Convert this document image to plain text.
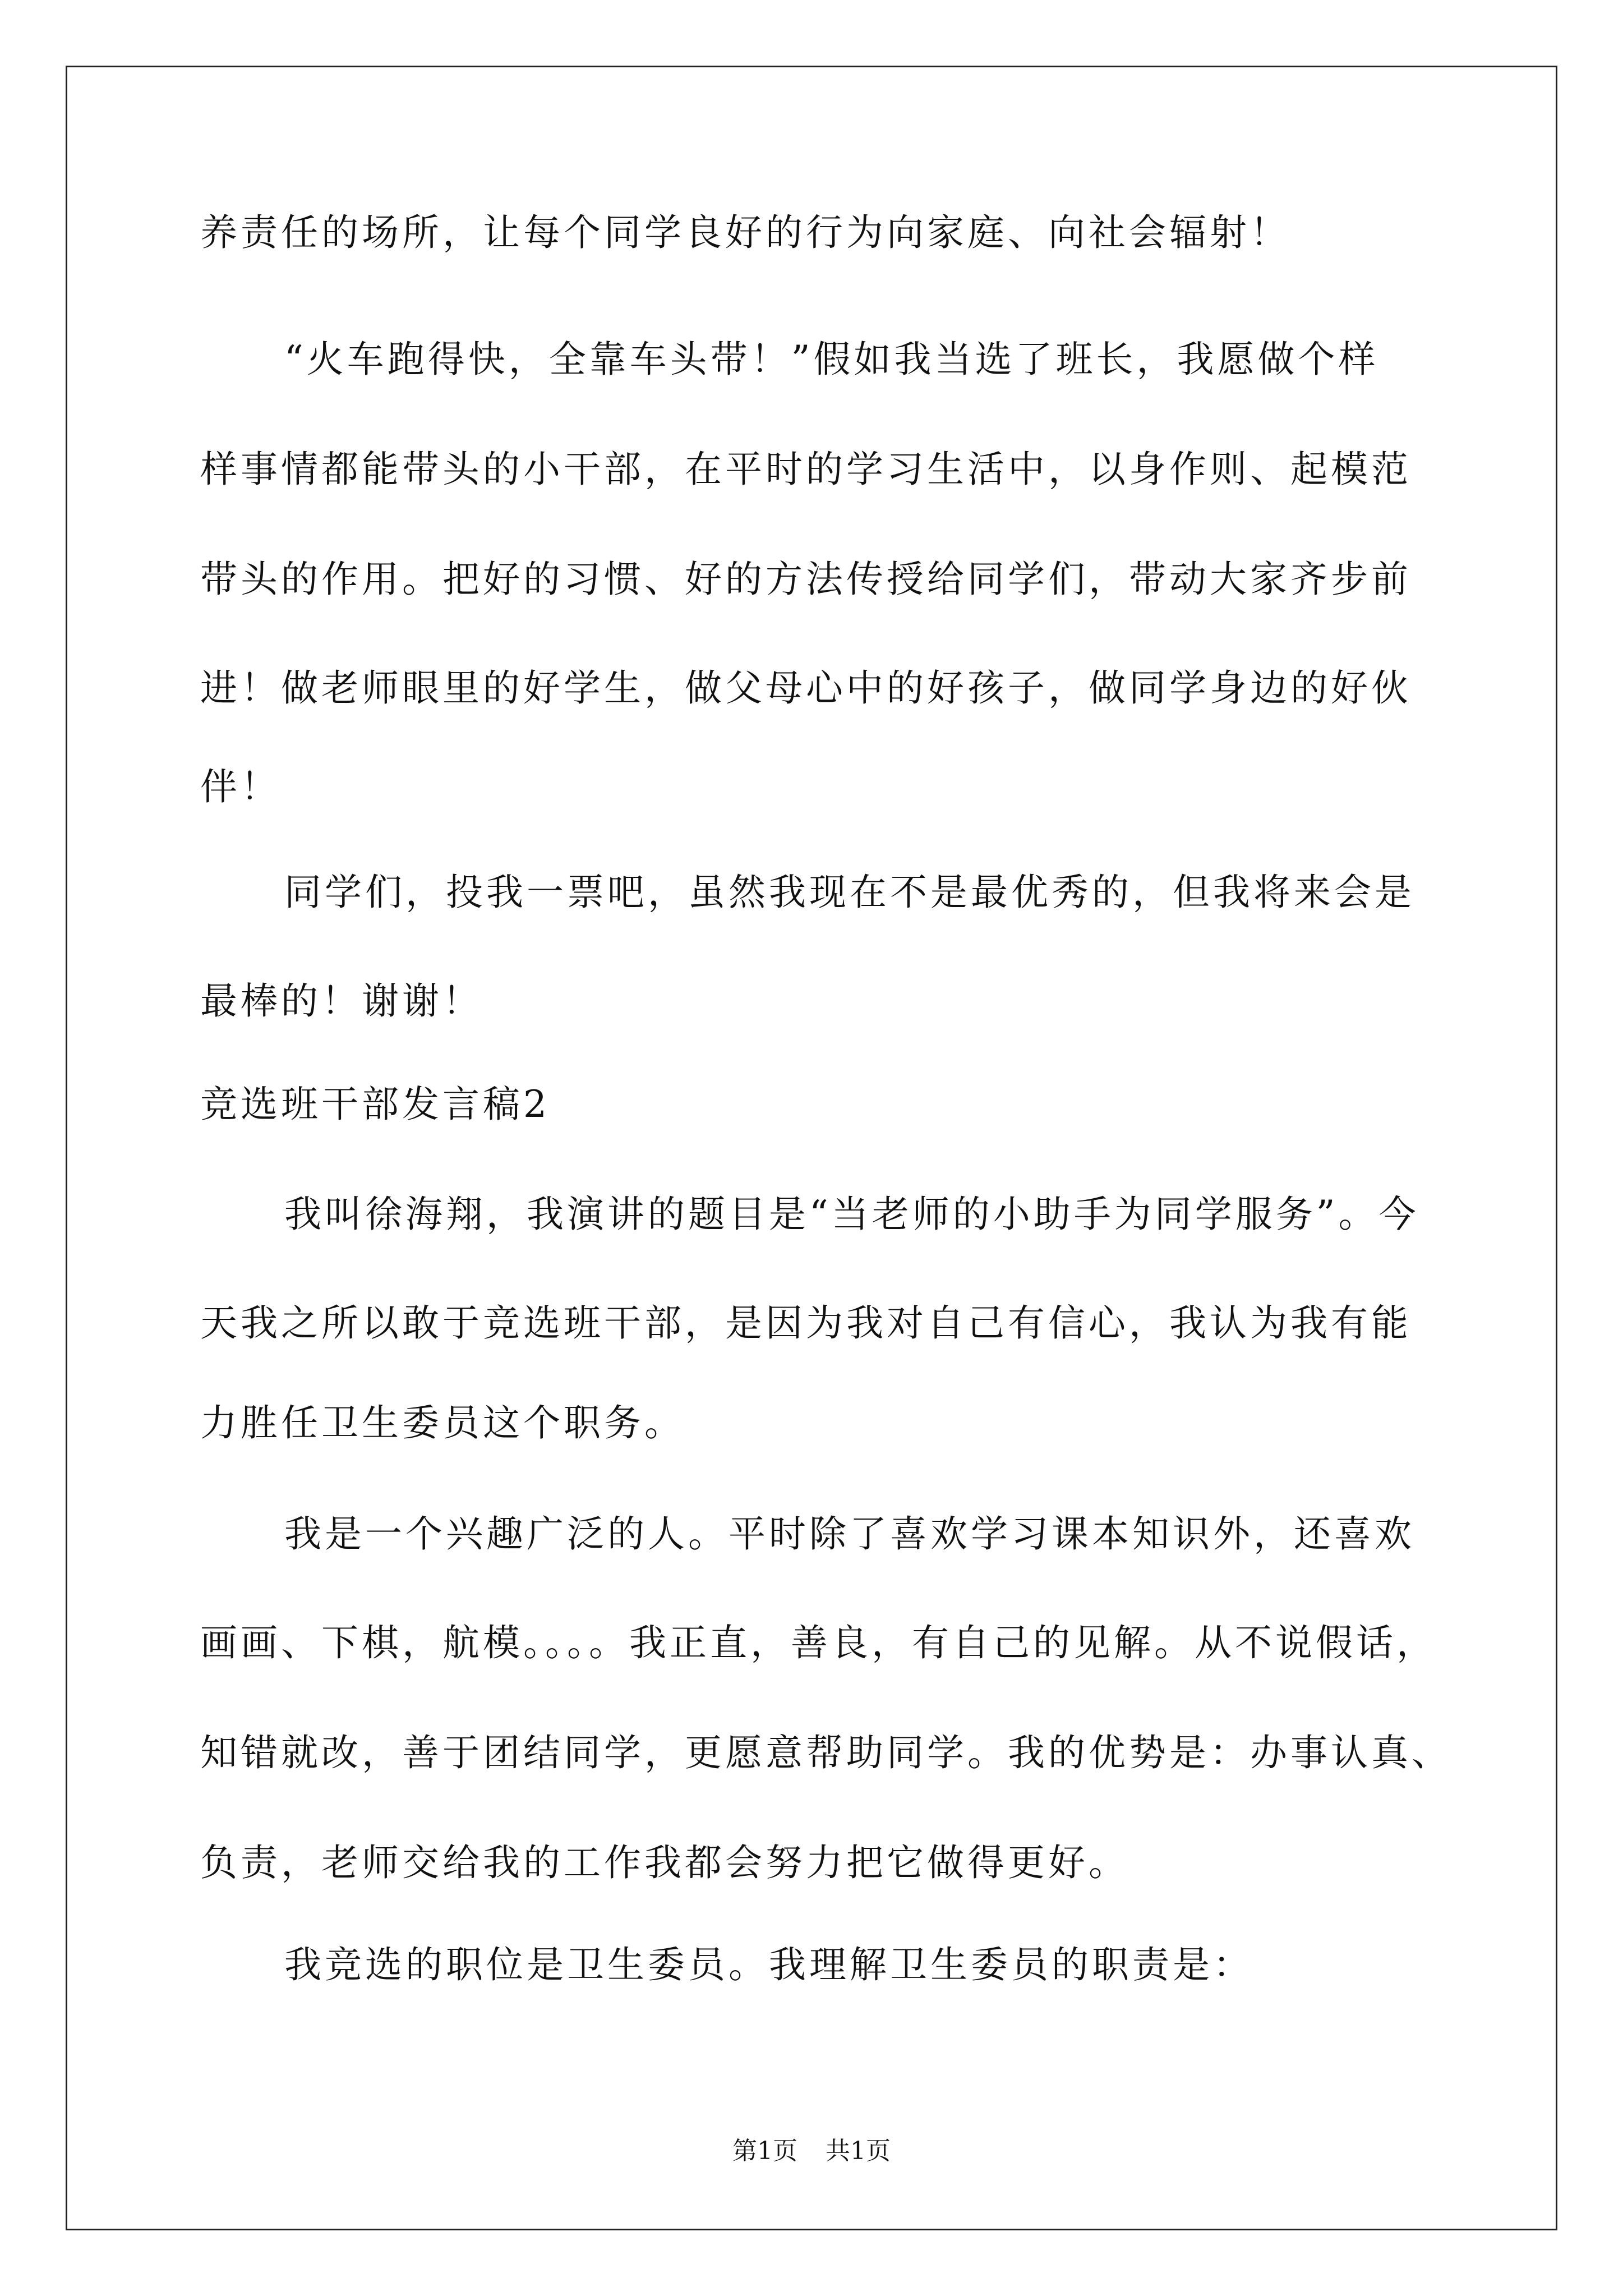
养责任的场所，让每个同学良好的行为向家庭、向社会辐射！
“火车跑得快，全靠车头带！”假如我当选了班长，我愿做个样
样事情都能带头的小干部，在平时的学习生活中，以身作则、起模范
带头的作用。把好的习惯、好的方法传授给同学们，带动大家齐步前
进！做老师眼里的好学生，做父母心中的好孩子，做同学身边的好伙
伴！
同学们，投我一票吧，虽然我现在不是最优秀的，但我将来会是
最棒的！谢谢！
竞选班干部发言稿2
我叫徐海翔，我演讲的题目是“当老师的小助手为同学服务”。今
天我之所以敢于竞选班干部，是因为我对自己有信心，我认为我有能
力胜任卫生委员这个职务。
我是一个兴趣广泛的人。平时除了喜欢学习课本知识外，还喜欢
画画、下棋，航模。。。。我正直，善良，有自己的见解。从不说假话，
知错就改，善于团结同学，更愿意帮助同学。我的优势是：办事认真、
负责，老师交给我的工作我都会努力把它做得更好。
我竞选的职位是卫生委员。我理解卫生委员的职责是：
第1页 共1页
